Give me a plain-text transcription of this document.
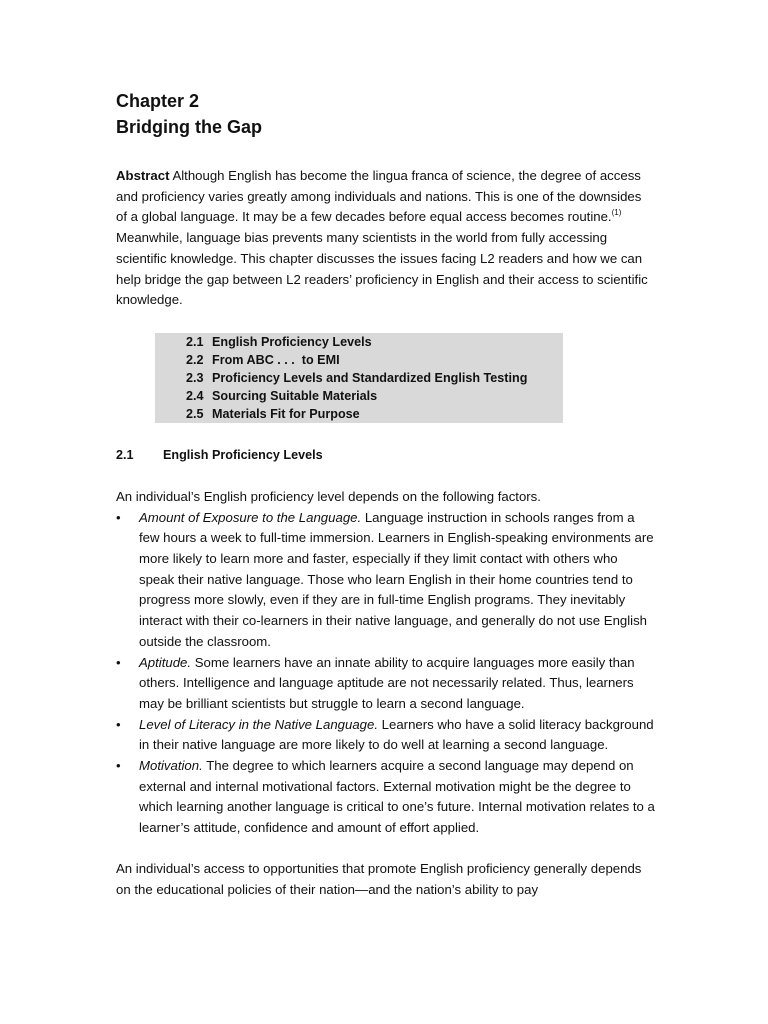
Chapter 2
Bridging the Gap

Abstract Although English has become the lingua franca of science, the degree of access and proficiency varies greatly among individuals and nations. This is one of the downsides of a global language. It may be a few decades before equal access becomes routine.$^{(1)}$ Meanwhile, language bias prevents many scientists in the world from fully accessing scientific knowledge. This chapter discusses the issues facing L2 readers and how we can help bridge the gap between L2 readers’ proficiency in English and their access to scientific knowledge.

2.1 English Proficiency Levels
2.2 From ABC . . .  to EMI
2.3 Proficiency Levels and Standardized English Testing
2.4 Sourcing Suitable Materials
2.5 Materials Fit for Purpose
2.1 English Proficiency Levels
An individual’s English proficiency level depends on the following factors.
• Amount of Exposure to the Language. Language instruction in schools ranges from a few hours a week to full-time immersion. Learners in English-speaking environments are more likely to learn more and faster, especially if they limit contact with others who speak their native language. Those who learn English in their home countries tend to progress more slowly, even if they are in full-time English programs. They inevitably interact with their co-learners in their native language, and generally do not use English outside the classroom.
• Aptitude. Some learners have an innate ability to acquire languages more easily than others. Intelligence and language aptitude are not necessarily related. Thus, learners may be brilliant scientists but struggle to learn a second language.
• Level of Literacy in the Native Language. Learners who have a solid literacy background in their native language are more likely to do well at learning a second language.
• Motivation. The degree to which learners acquire a second language may depend on external and internal motivational factors. External motivation might be the degree to which learning another language is critical to one’s future. Internal motivation relates to a learner’s attitude, confidence and amount of effort applied.
An individual’s access to opportunities that promote English proficiency generally depends on the educational policies of their nation—and the nation’s ability to pay
